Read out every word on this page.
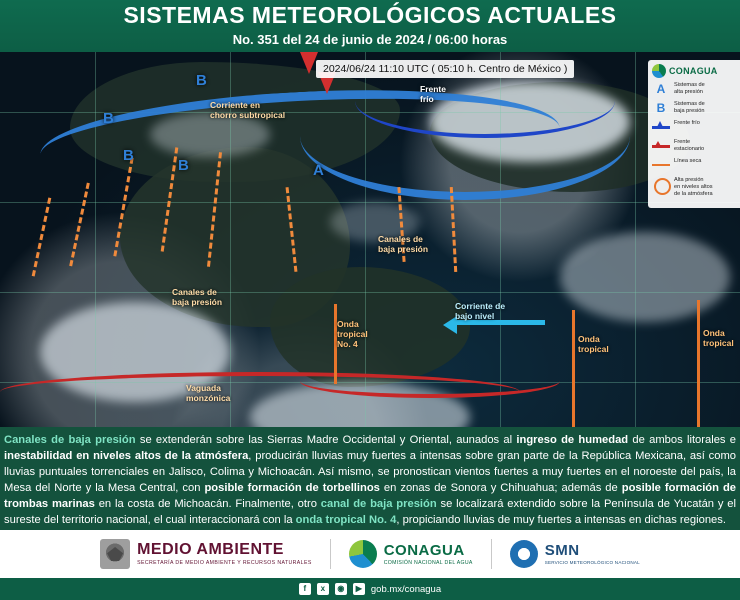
SISTEMAS METEOROLÓGICOS ACTUALES
No. 351 del 24 de junio de 2024 / 06:00 horas
B
B
B
B	A
Corriente en
chorro subtropical
Frente
frío
Canales de
baja presión
Canales de
baja presión
Onda
tropical
No. 4
Corriente de
bajo nivel
Onda
tropical
Onda
tropical
Vaguada
monzónica
2024/06/24 11:10 UTC ( 05:10 h. Centro de México )	CONAGUA
A	Sistemas de
alta presión
B	Sistemas de
baja presión
Frente frío
Frente
estacionario
Línea seca
Alta presión
en niveles altos
de la atmósfera
Canales de baja presión se extenderán sobre las Sierras Madre Occidental y Oriental, aunados al ingreso de humedad de ambos litorales e inestabilidad en niveles altos de la atmósfera, producirán lluvias muy fuertes a intensas sobre gran parte de la República Mexicana, así como lluvias puntuales torrenciales en Jalisco, Colima y Michoacán. Así mismo, se pronostican vientos fuertes a muy fuertes en el noroeste del país, la Mesa del Norte y la Mesa Central, con posible formación de torbellinos en zonas de Sonora y Chihuahua; además de posible formación de trombas marinas en la costa de Michoacán. Finalmente, otro canal de baja presión se localizará extendido sobre la Península de Yucatán y el sureste del territorio nacional, el cual interaccionará con la onda tropical No. 4, propiciando lluvias de muy fuertes a intensas en dichas regiones.
MEDIO AMBIENTE
SECRETARÍA DE MEDIO AMBIENTE Y RECURSOS NATURALES
CONAGUA
COMISIÓN NACIONAL DEL AGUA
SMN
SERVICIO METEOROLÓGICO NACIONAL
f	x	◉	▶ gob.mx/conagua
